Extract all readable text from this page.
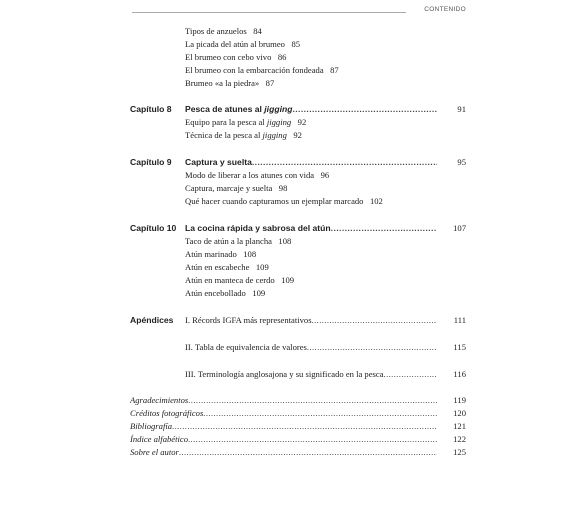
CONTENIDO
Tipos de anzuelos 84
La picada del atún al brumeo 85
El brumeo con cebo vivo 86
El brumeo con la embarcación fondeada 87
Brumeo «a la piedra» 87
Capítulo 8 Pesca de atunes al jigging .....	91
Equipo para la pesca al jigging 92
Técnica de la pesca al jigging 92
Capítulo 9 Captura y suelta .....	95
Modo de liberar a los atunes con vida 96
Captura, marcaje y suelta 98
Qué hacer cuando capturamos un ejemplar marcado 102
Capítulo 10 La cocina rápida y sabrosa del atún .....	107
Taco de atún a la plancha 108
Atún marinado 108
Atún en escabeche 109
Atún en manteca de cerdo 109
Atún encebollado 109
Apéndices I. Récords IGFA más representativos .....	111
II. Tabla de equivalencia de valores .....	115
III. Terminología anglosajona y su significado en la pesca .....	116
Agradecimientos .....	119
Créditos fotográficos .....	120
Bibliografía .....	121
Índice alfabético .....	122
Sobre el autor .....	125
